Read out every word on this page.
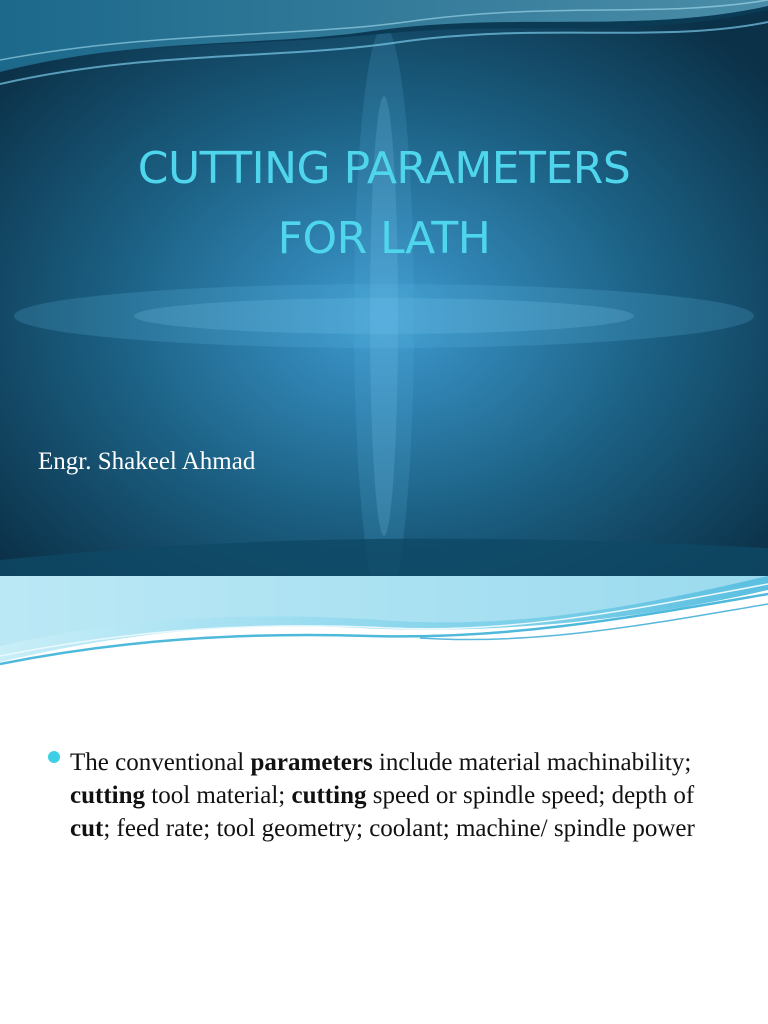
CUTTING PARAMETERS
FOR LATH
Engr. Shakeel Ahmad
The conventional parameters include material machinability; cutting tool material; cutting speed or spindle speed; depth of cut; feed rate; tool geometry; coolant; machine/ spindle power
